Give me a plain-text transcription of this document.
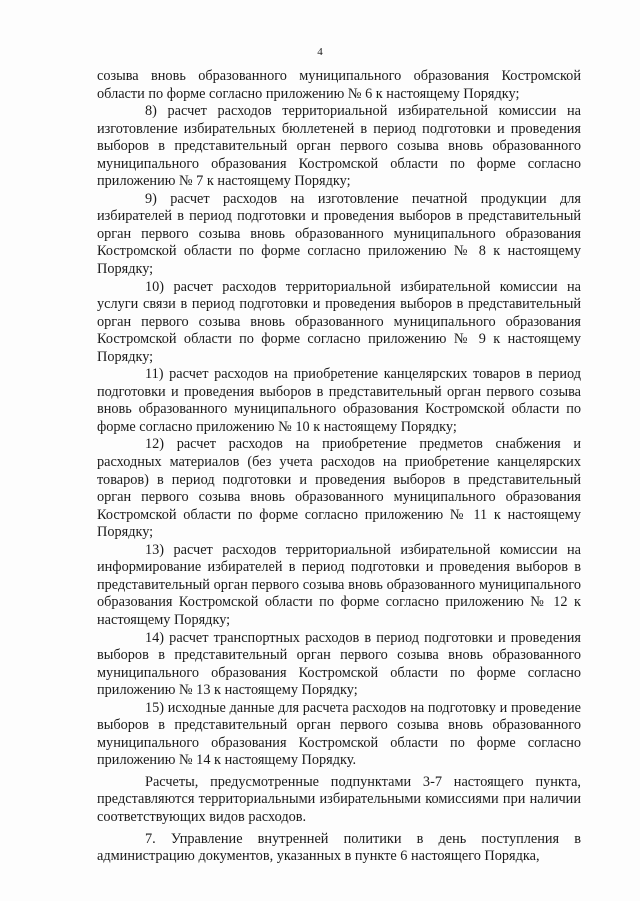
4

созыва вновь образованного муниципального образования Костромской области по форме согласно приложению № 6 к настоящему Порядку;

8) расчет расходов территориальной избирательной комиссии на изготовление избирательных бюллетеней в период подготовки и проведения выборов в представительный орган первого созыва вновь образованного муниципального образования Костромской области по форме согласно приложению № 7 к настоящему Порядку;

9) расчет расходов на изготовление печатной продукции для избирателей в период подготовки и проведения выборов в представительный орган первого созыва вновь образованного муниципального образования Костромской области по форме согласно приложению № 8 к настоящему Порядку;

10) расчет расходов территориальной избирательной комиссии на услуги связи в период подготовки и проведения выборов в представительный орган первого созыва вновь образованного муниципального образования Костромской области по форме согласно приложению № 9 к настоящему Порядку;

11) расчет расходов на приобретение канцелярских товаров в период подготовки и проведения выборов в представительный орган первого созыва вновь образованного муниципального образования Костромской области по форме согласно приложению № 10 к настоящему Порядку;

12) расчет расходов на приобретение предметов снабжения и расходных материалов (без учета расходов на приобретение канцелярских товаров) в период подготовки и проведения выборов в представительный орган первого созыва вновь образованного муниципального образования Костромской области по форме согласно приложению № 11 к настоящему Порядку;

13) расчет расходов территориальной избирательной комиссии на информирование избирателей в период подготовки и проведения выборов в представительный орган первого созыва вновь образованного муниципального образования Костромской области по форме согласно приложению № 12 к настоящему Порядку;

14) расчет транспортных расходов в период подготовки и проведения выборов в представительный орган первого созыва вновь образованного муниципального образования Костромской области по форме согласно приложению № 13 к настоящему Порядку;

15) исходные данные для расчета расходов на подготовку и проведение выборов в представительный орган первого созыва вновь образованного муниципального образования Костромской области по форме согласно приложению № 14 к настоящему Порядку.

Расчеты, предусмотренные подпунктами 3-7 настоящего пункта, представляются территориальными избирательными комиссиями при наличии соответствующих видов расходов.

7. Управление внутренней политики в день поступления в администрацию документов, указанных в пункте 6 настоящего Порядка,
